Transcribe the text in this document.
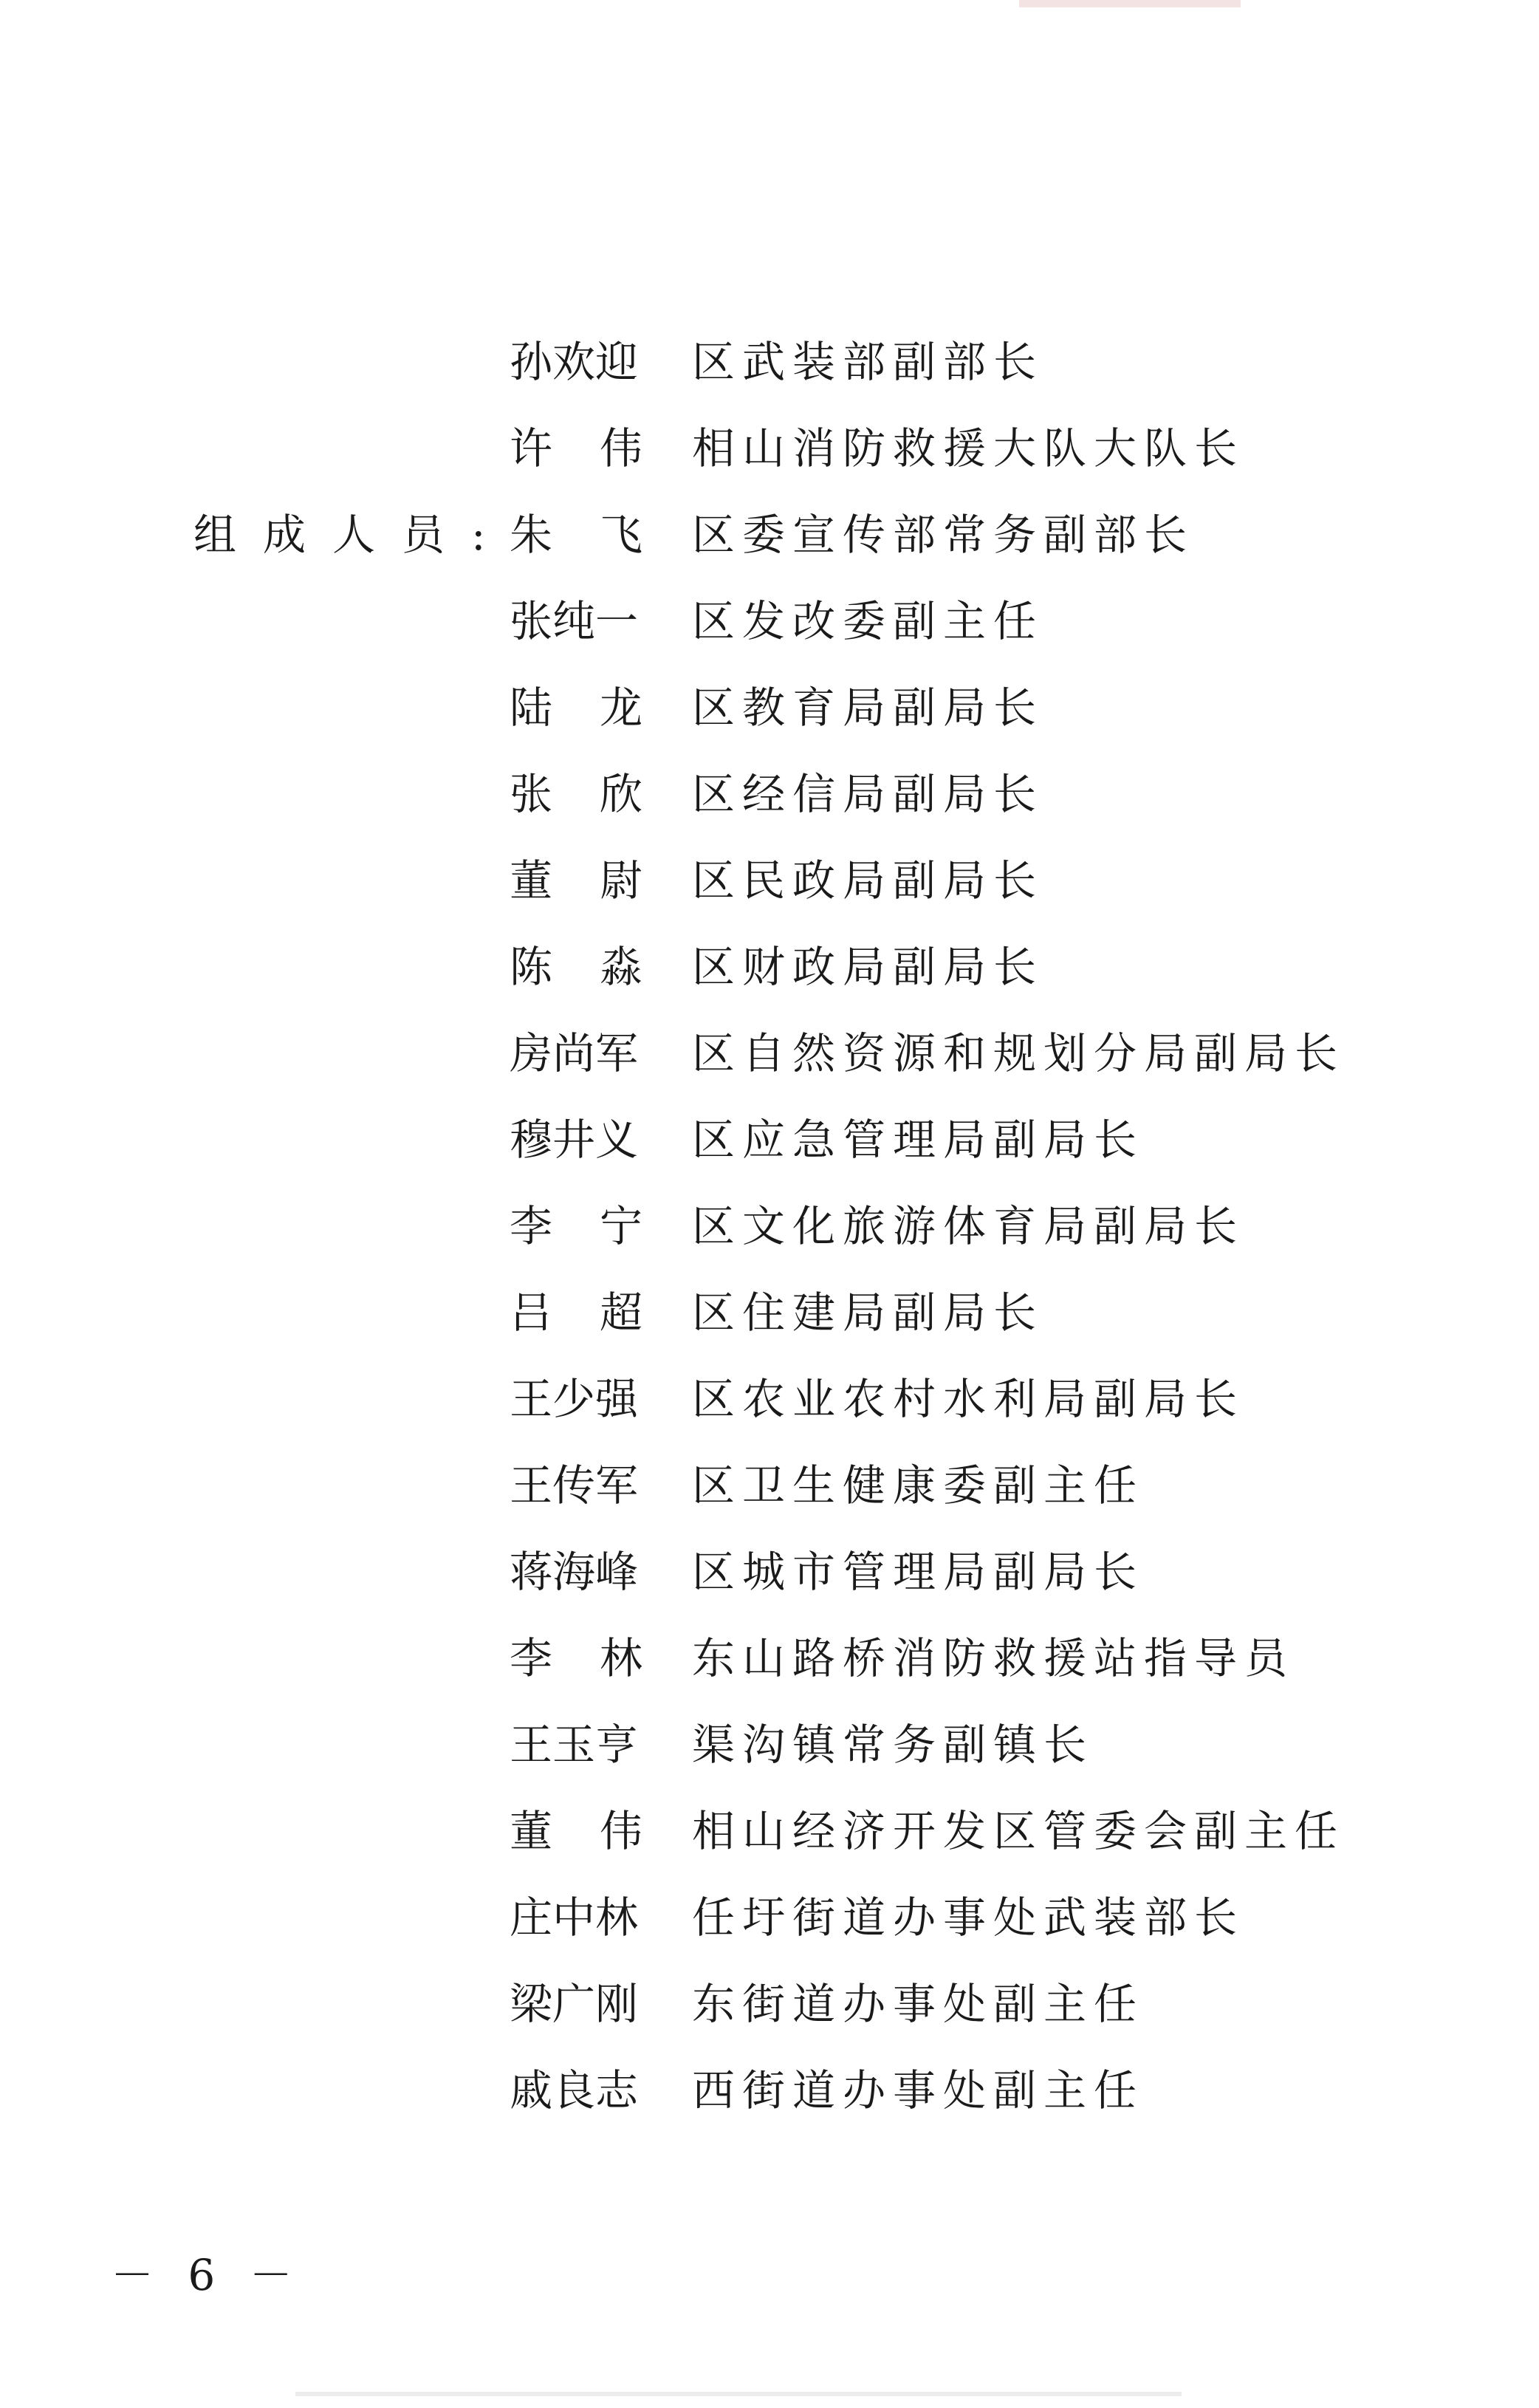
孙欢迎 区武装部副部长
许 伟 相山消防救援大队大队长
组成人员:
朱 飞 区委宣传部常务副部长
张纯一 区发改委副主任
陆 龙 区教育局副局长
张 欣 区经信局副局长
董 尉 区民政局副局长
陈 淼 区财政局副局长
房尚军 区自然资源和规划分局副局长
穆井义 区应急管理局副局长
李 宁 区文化旅游体育局副局长
吕 超 区住建局副局长
王少强 区农业农村水利局副局长
王传军 区卫生健康委副主任
蒋海峰 区城市管理局副局长
李 林 东山路桥消防救援站指导员
王玉亨 渠沟镇常务副镇长
董 伟 相山经济开发区管委会副主任
庄中林 任圩街道办事处武装部长
梁广刚 东街道办事处副主任
戚良志 西街道办事处副主任
－ 6 －
